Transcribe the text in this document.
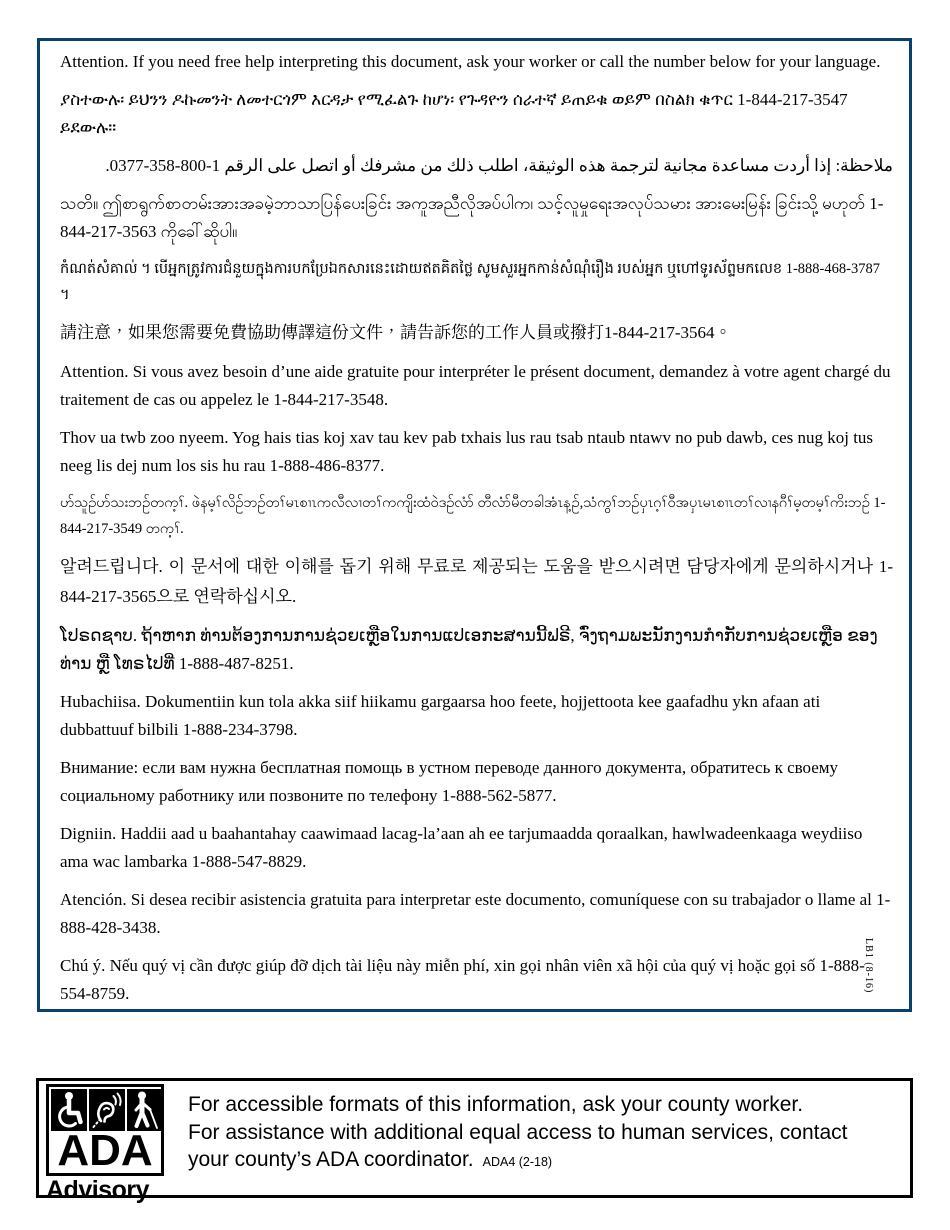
Attention. If you need free help interpreting this document, ask your worker or call the number below for your language.

ያስተውሉ፡ ይህንን ዶኩመንት ለመተርጎም እርዳታ የሚፈልጉ ከሆነ፡ የጉዳዮን ሰራተኛ ይጠይቁ ወይም በስልክ ቁጥር 1-844-217-3547 ይደውሉ።

ملاحظة: إذا أردت مساعدة مجانية لترجمة هذه الوثيقة، اطلب ذلك من مشرفك أو اتصل على الرقم 1-800-358-0377.

သတိ။ ဤစာရွက်စာတမ်းအားအခမဲ့ဘာသာပြန်ပေးခြင်း အကူအညီလိုအပ်ပါက၊ သင့်လူမှုရေးအလုပ်သမား အားမေးမြန်း ခြင်းသို့ မဟုတ် 1-844-217-3563 ကိုခေါ်ဆိုပါ။

កំណត់សំគាល់ ។ បើអ្នកត្រូវការជំនួយក្នុងការបកប្រែឯកសារនេះដោយឥតគិតថ្លៃ សូមសួរអ្នកកាន់សំណុំរឿង របស់អ្នក ឬហៅទូរស័ព្ទមកលេខ 1-888-468-3787 ។

請注意，如果您需要免費協助傳譯這份文件，請告訴您的工作人員或撥打1-844-217-3564。

Attention. Si vous avez besoin d’une aide gratuite pour interpréter le présent document, demandez à votre agent chargé du traitement de cas ou appelez le 1-844-217-3548.

Thov ua twb zoo nyeem. Yog hais tias koj xav tau kev pab txhais lus rau tsab ntaub ntawv no pub dawb, ces nug koj tus neeg lis dej num los sis hu rau 1-888-486-8377.

ဟ်သူဉ်ဟ်သးဘဉ်တက့ၢ်. ဖဲနမ့ၢ်လိဉ်ဘဉ်တၢ်မၤစၢၤကလီလၢတၢ်ကကျိးထံဝဲဒဉ်လံာ် တီလံာ်မီတခါအံၤန့ဉ်,သံကွၢ်ဘဉ်ပှၤဂ့ၢ်ဝီအပှၤမၤစၢၤတၢ်လၢနဂီၢ်မ့တမ့ၢ်ကိးဘဉ် 1-844-217-3549 တက့ၢ်.

알려드립니다. 이 문서에 대한 이해를 돕기 위해 무료로 제공되는 도움을 받으시려면 담당자에게 문의하시거나 1-844-217-3565으로 연락하십시오.

ໂປຣດຊາບ. ຖ້າຫາກ ທ່ານຕ້ອງການການຊ່ວຍເຫຼືອໃນການແປເອກະສານນີ້ຟຣີ, ຈົ່ງຖາມພະນັກງານກຳກັບການຊ່ວຍເຫຼືອ ຂອງທ່ານ ຫຼື ໂທຣໄປທີ່ 1-888-487-8251.

Hubachiisa. Dokumentiin kun tola akka siif hiikamu gargaarsa hoo feete, hojjettoota kee gaafadhu ykn afaan ati dubbattuuf bilbili 1-888-234-3798.

Внимание: если вам нужна бесплатная помощь в устном переводе данного документа, обратитесь к своему социальному работнику или позвоните по телефону 1-888-562-5877.

Digniin. Haddii aad u baahantahay caawimaad lacag-la’aan ah ee tarjumaadda qoraalkan, hawlwadeenkaaga weydiiso ama wac lambarka 1-888-547-8829.

Atención. Si desea recibir asistencia gratuita para interpretar este documento, comuníquese con su trabajador o llame al 1-888-428-3438.

Chú ý. Nếu quý vị cần được giúp đỡ dịch tài liệu này miễn phí, xin gọi nhân viên xã hội của quý vị hoặc gọi số 1-888-554-8759.

LB1 (8-16)
ADA
Advisory
For accessible formats of this information, ask your county worker.
For assistance with additional equal access to human services, contact
your county’s ADA coordinator. ADA4 (2-18)
